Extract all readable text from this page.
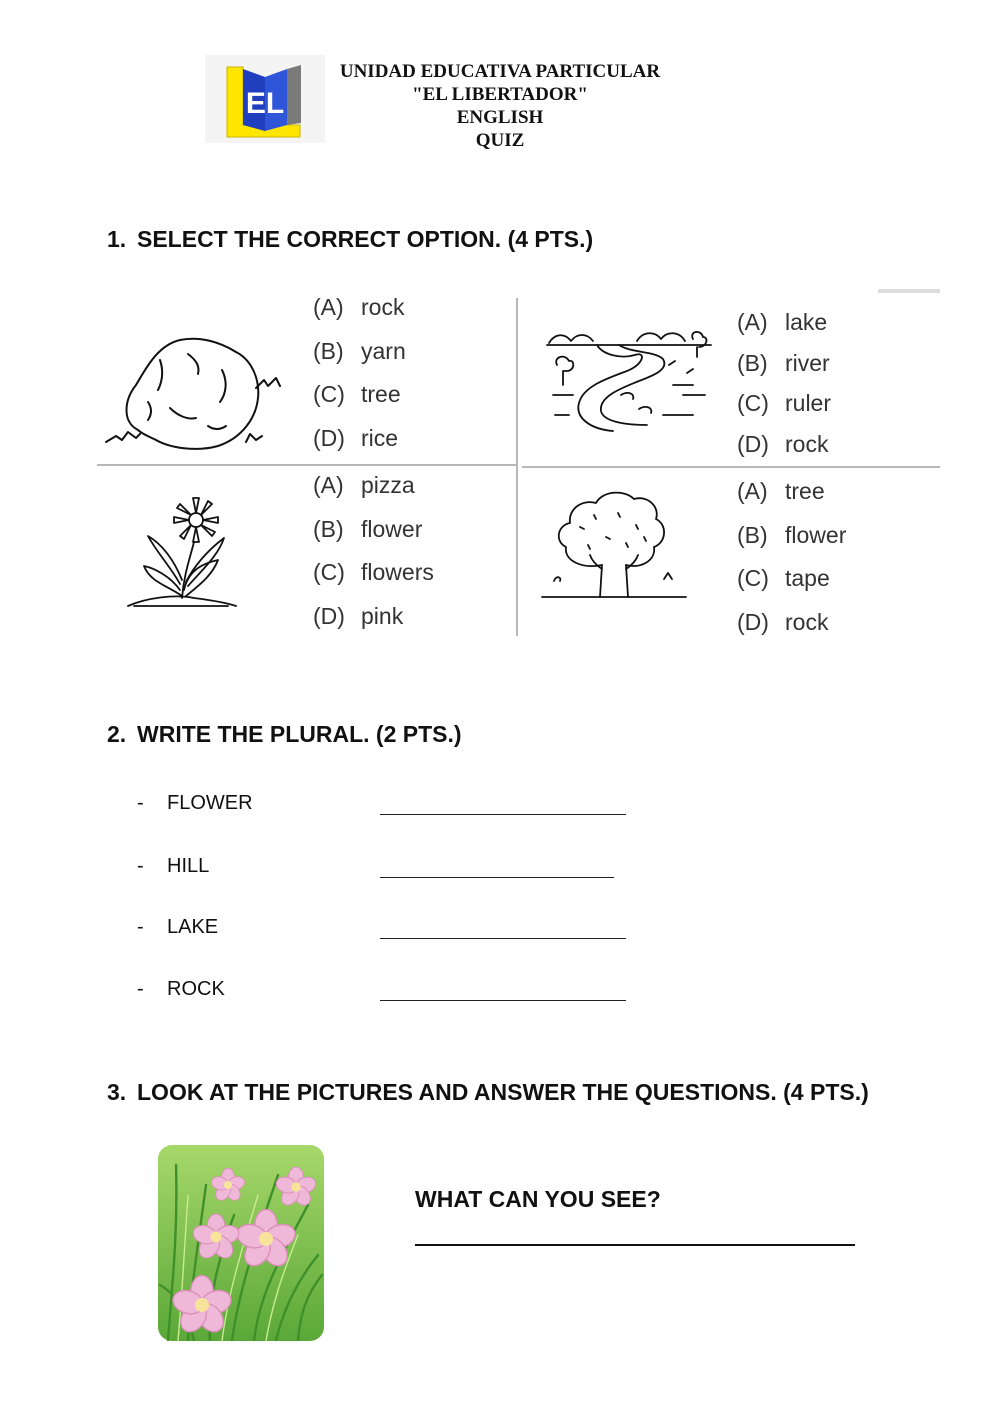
EL
UNIDAD EDUCATIVA PARTICULAR
"EL LIBERTADOR"
ENGLISH
QUIZ
1. SELECT THE CORRECT OPTION. (4 PTS.)
(A) rock
(B) yarn
(C) tree
(D) rice
(A) lake
(B) river
(C) ruler
(D) rock
(A) pizza
(B) flower
(C) flowers
(D) pink
(A) tree
(B) flower
(C) tape
(D) rock
2. WRITE THE PLURAL. (2 PTS.)
- FLOWER
- HILL
- LAKE
- ROCK
3. LOOK AT THE PICTURES AND ANSWER THE QUESTIONS. (4 PTS.)
WHAT CAN YOU SEE?
